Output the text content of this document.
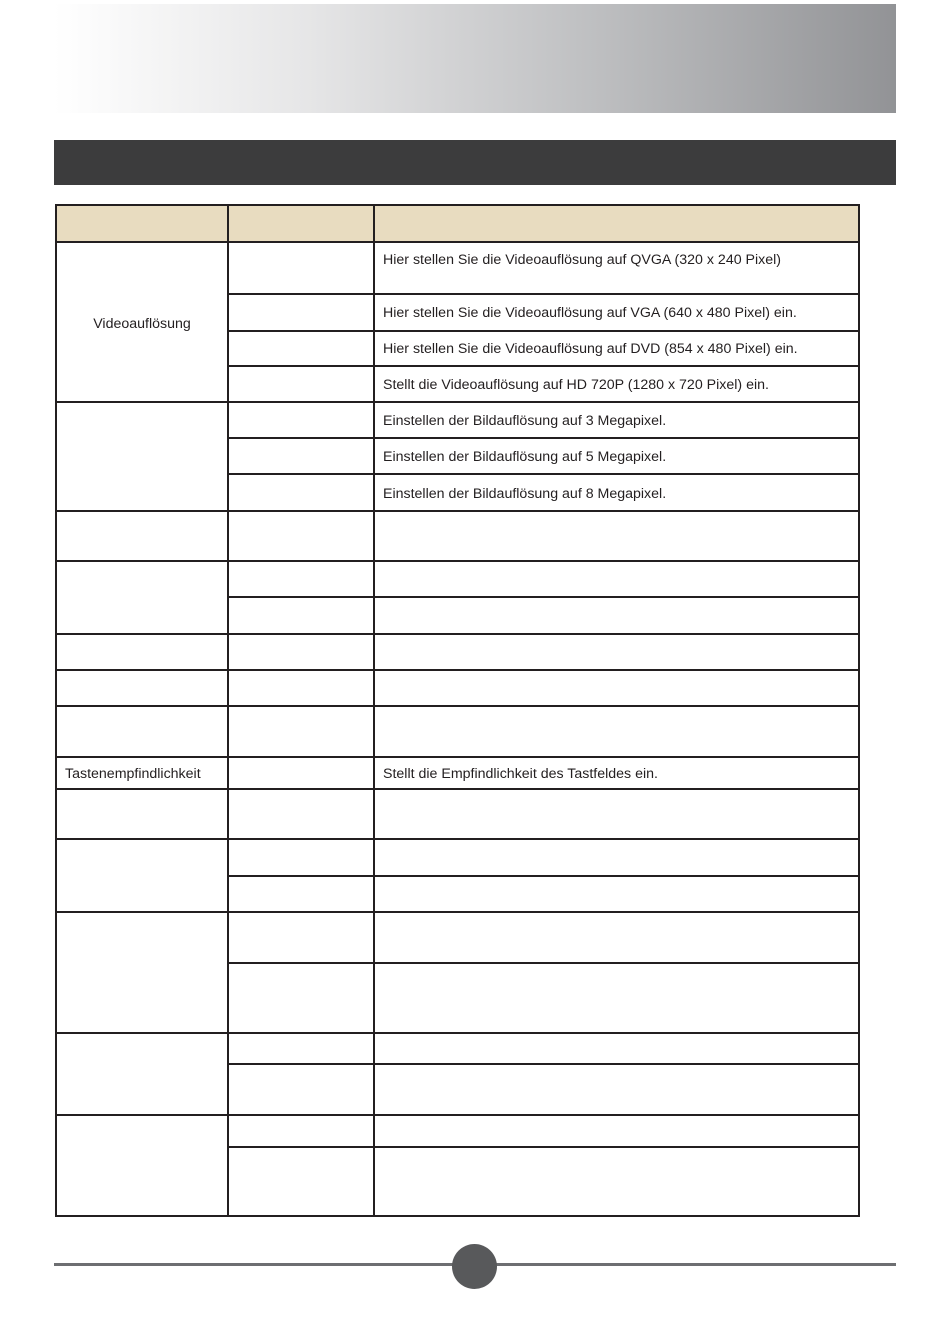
Videoauflösung
Hier stellen Sie die Videoauflösung auf QVGA (320 x 240 Pixel)
Hier stellen Sie die Videoauflösung auf VGA (640 x 480 Pixel) ein.
Hier stellen Sie die Videoauflösung auf DVD (854 x 480 Pixel) ein.
Stellt die Videoauflösung auf HD 720P (1280 x 720 Pixel) ein.
Einstellen der Bildauflösung auf 3 Megapixel.
Einstellen der Bildauflösung auf 5 Megapixel.
Einstellen der Bildauflösung auf 8 Megapixel.
Tastenempfindlichkeit	Stellt die Empfindlichkeit des Tastfeldes ein.
